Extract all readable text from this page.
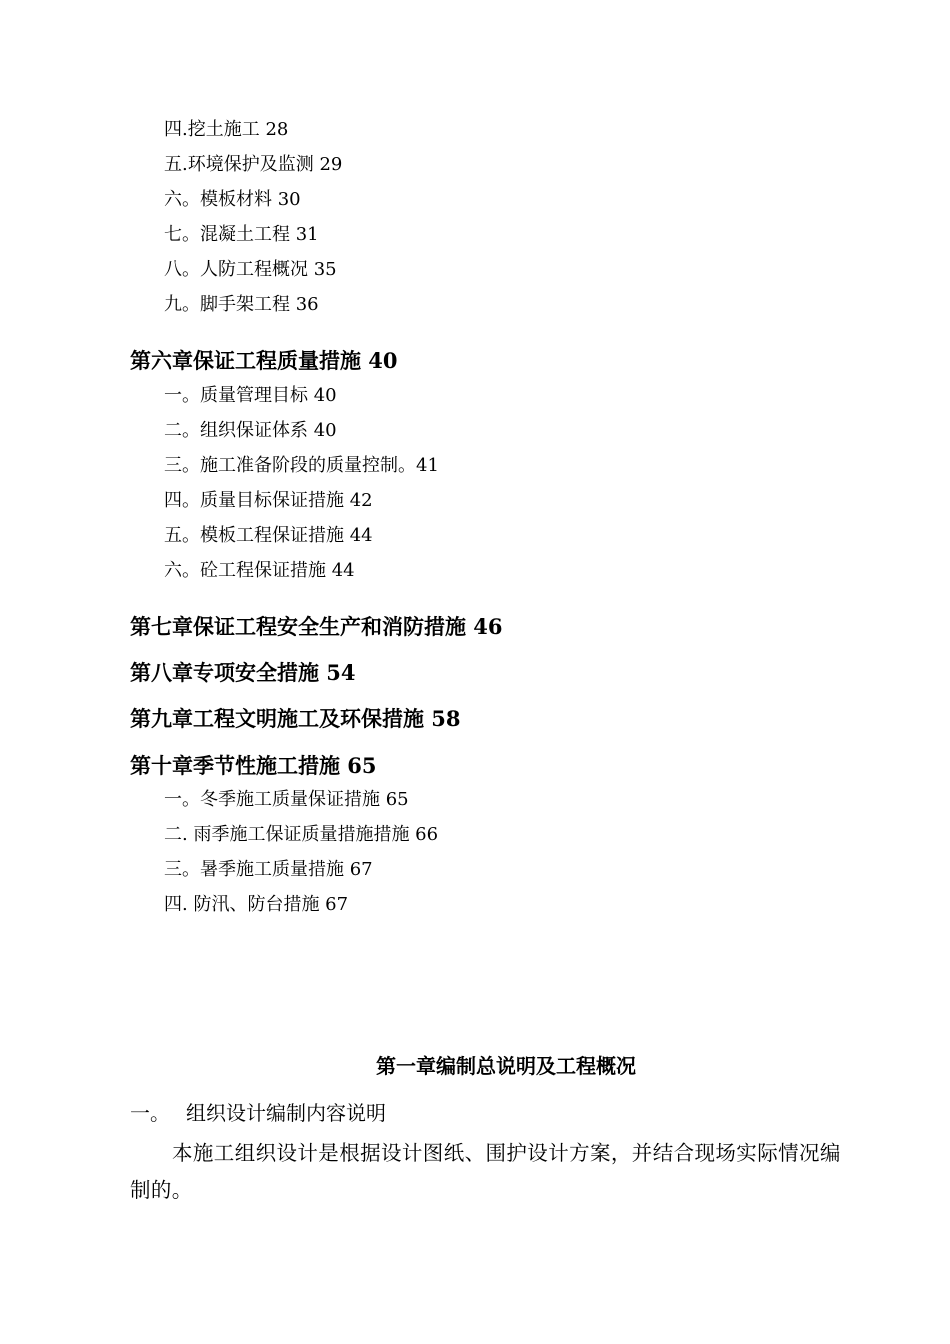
四.挖土施工 28
五.环境保护及监测 29
六。模板材料 30
七。混凝土工程 31
八。人防工程概况 35
九。脚手架工程 36
第六章保证工程质量措施 40
一。质量管理目标 40
二。组织保证体系 40
三。施工准备阶段的质量控制。41
四。质量目标保证措施 42
五。模板工程保证措施 44
六。砼工程保证措施 44
第七章保证工程安全生产和消防措施 46
第八章专项安全措施 54
第九章工程文明施工及环保措施 58
第十章季节性施工措施 65
一。冬季施工质量保证措施 65
二. 雨季施工保证质量措施措施 66
三。暑季施工质量措施 67
四. 防汛、防台措施 67
第一章编制总说明及工程概况
一。 组织设计编制内容说明
本施工组织设计是根据设计图纸、围护设计方案，并结合现场实际情况编制的。
